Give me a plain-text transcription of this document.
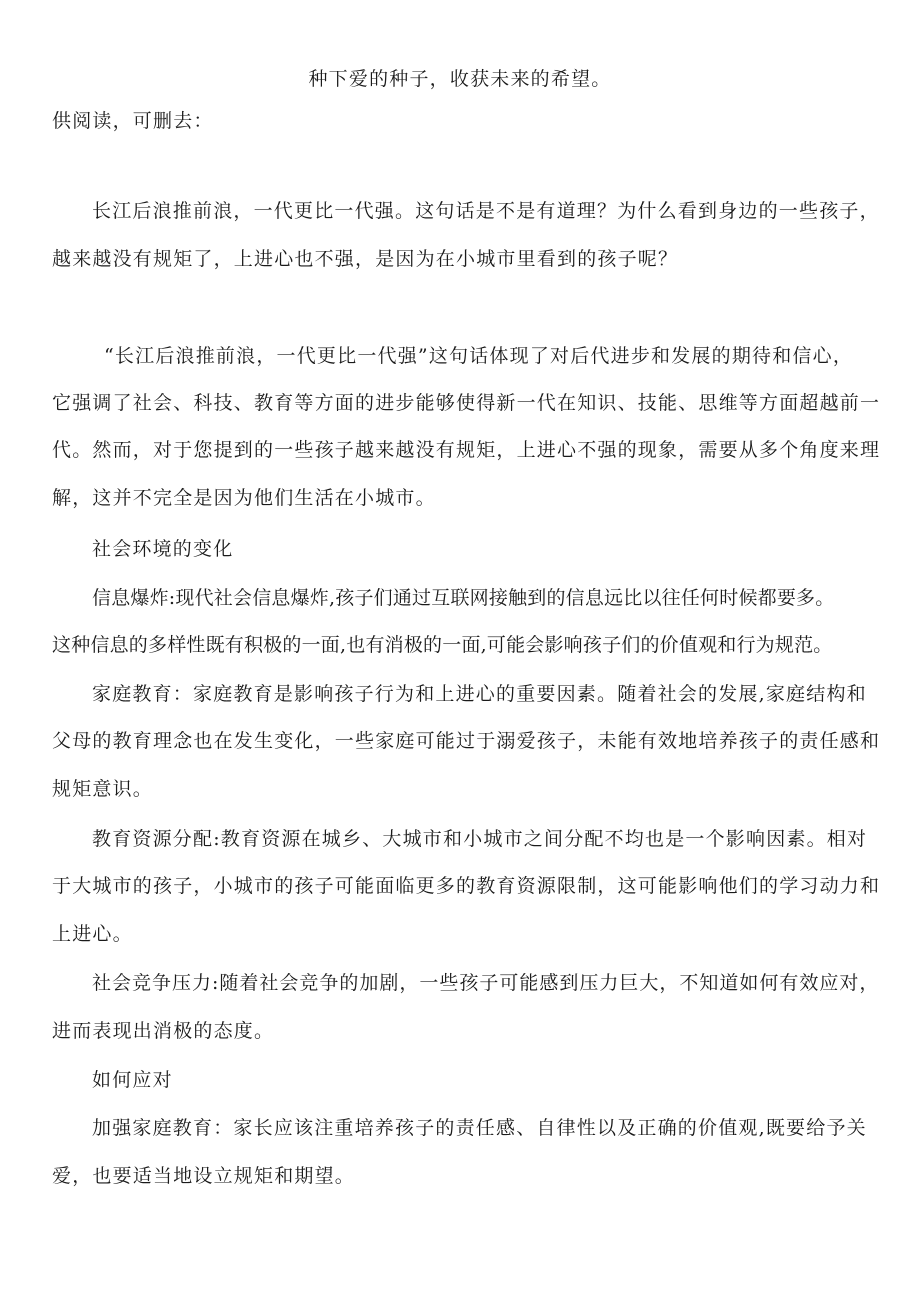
种下爱的种子，收获未来的希望。
供阅读，可删去：
长江后浪推前浪，一代更比一代强。这句话是不是有道理？为什么看到身边的一些孩子，
越来越没有规矩了，上进心也不强，是因为在小城市里看到的孩子呢？
“长江后浪推前浪，一代更比一代强”这句话体现了对后代进步和发展的期待和信心，
它强调了社会、科技、教育等方面的进步能够使得新一代在知识、技能、思维等方面超越前一
代。然而，对于您提到的一些孩子越来越没有规矩，上进心不强的现象，需要从多个角度来理
解，这并不完全是因为他们生活在小城市。
社会环境的变化
信息爆炸:现代社会信息爆炸,孩子们通过互联网接触到的信息远比以往任何时候都要多。
这种信息的多样性既有积极的一面,也有消极的一面,可能会影响孩子们的价值观和行为规范。
家庭教育：家庭教育是影响孩子行为和上进心的重要因素。随着社会的发展,家庭结构和
父母的教育理念也在发生变化，一些家庭可能过于溺爱孩子，未能有效地培养孩子的责任感和
规矩意识。
教育资源分配:教育资源在城乡、大城市和小城市之间分配不均也是一个影响因素。相对
于大城市的孩子，小城市的孩子可能面临更多的教育资源限制，这可能影响他们的学习动力和
上进心。
社会竞争压力:随着社会竞争的加剧，一些孩子可能感到压力巨大，不知道如何有效应对，
进而表现出消极的态度。
如何应对
加强家庭教育：家长应该注重培养孩子的责任感、自律性以及正确的价值观,既要给予关
爱，也要适当地设立规矩和期望。
